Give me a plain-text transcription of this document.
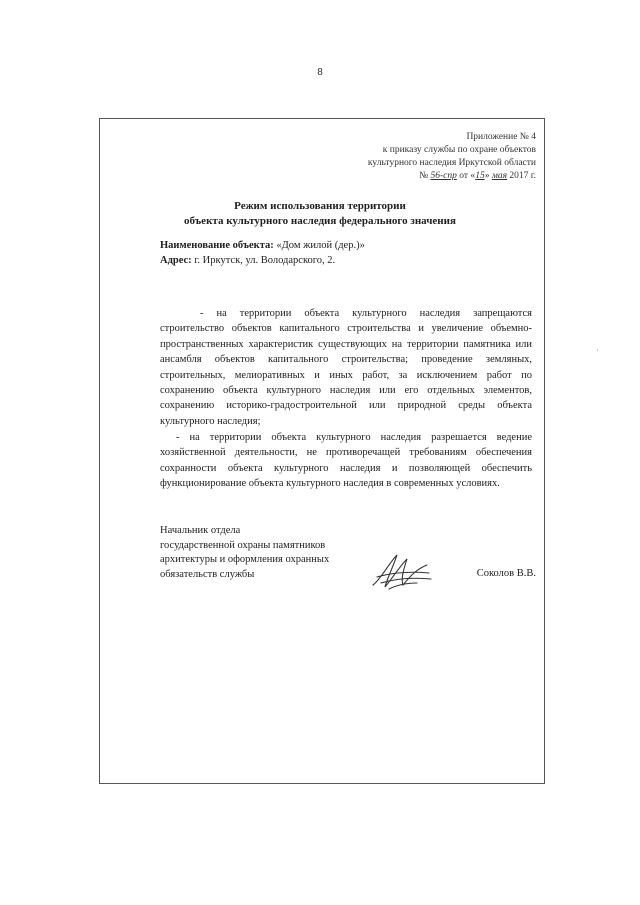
8
Приложение № 4
к приказу службы по охране объектов
культурного наследия Иркутской области
№ 56-спр от «15» мая 2017 г.
Режим использования территории
объекта культурного наследия федерального значения
Наименование объекта: «Дом жилой (дер.)»
Адрес: г. Иркутск, ул. Володарского, 2.

- на территории объекта культурного наследия запрещаются строительство объектов капитального строительства и увеличение объемно-пространственных характеристик существующих на территории памятника или ансамбля объектов капитального строительства; проведение земляных, строительных, мелиоративных и иных работ, за исключением работ по сохранению объекта культурного наследия или его отдельных элементов, сохранению историко-градостроительной или природной среды объекта культурного наследия;

- на территории объекта культурного наследия разрешается ведение хозяйственной деятельности, не противоречащей требованиям обеспечения сохранности объекта культурного наследия и позволяющей обеспечить функционирование объекта культурного наследия в современных условиях.

Начальник отдела
государственной охраны памятников
архитектуры и оформления охранных
обязательств службы	Соколов В.В.
·
